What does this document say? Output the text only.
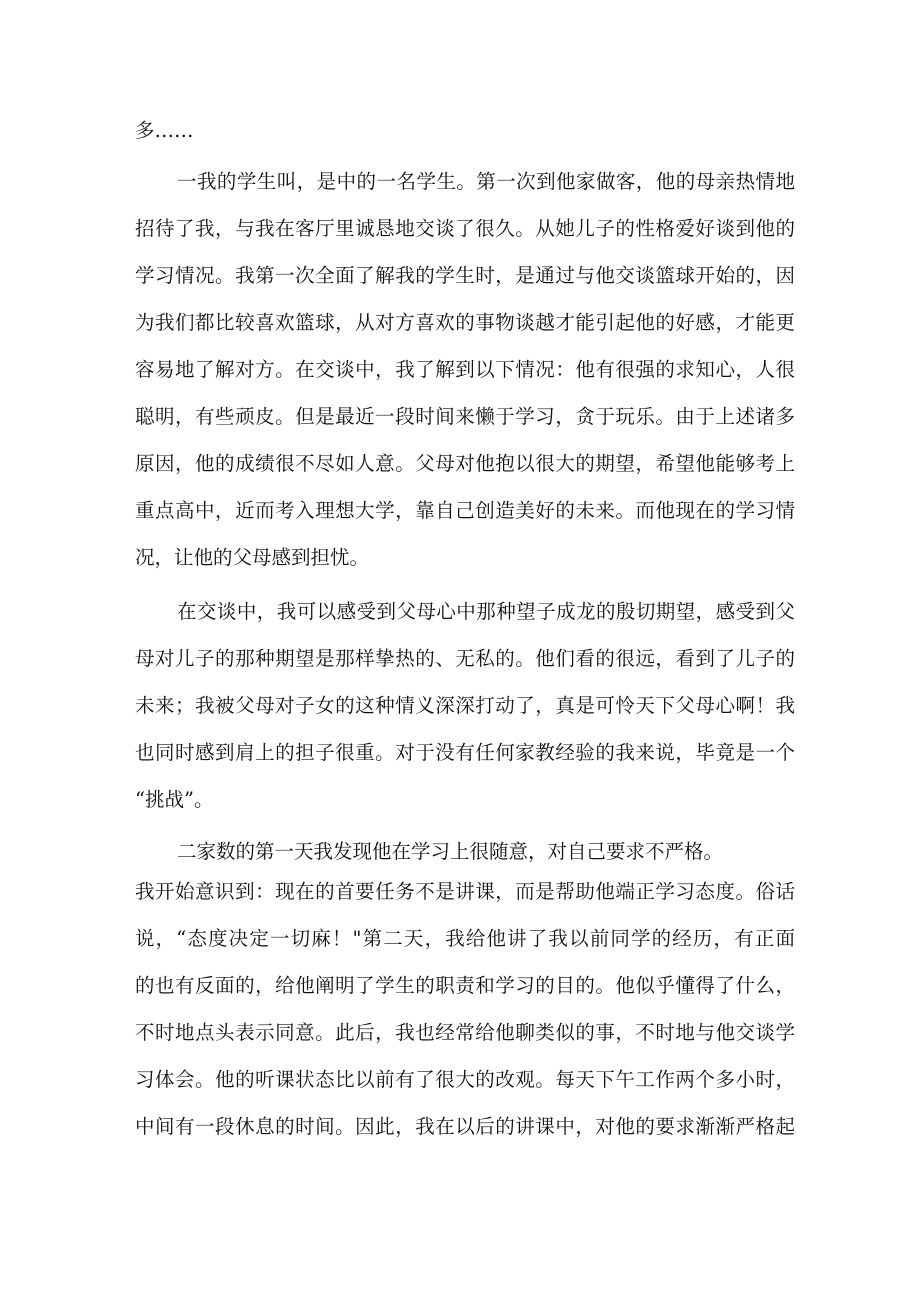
多……
一我的学生叫，是中的一名学生。第一次到他家做客，他的母亲热情地
招待了我，与我在客厅里诚恳地交谈了很久。从她儿子的性格爱好谈到他的
学习情况。我第一次全面了解我的学生时，是通过与他交谈篮球开始的，因
为我们都比较喜欢篮球，从对方喜欢的事物谈越才能引起他的好感，才能更
容易地了解对方。在交谈中，我了解到以下情况：他有很强的求知心，人很
聪明，有些顽皮。但是最近一段时间来懒于学习，贪于玩乐。由于上述诸多
原因，他的成绩很不尽如人意。父母对他抱以很大的期望，希望他能够考上
重点高中，近而考入理想大学，靠自己创造美好的未来。而他现在的学习情
况，让他的父母感到担忧。
在交谈中，我可以感受到父母心中那种望子成龙的殷切期望，感受到父
母对儿子的那种期望是那样挚热的、无私的。他们看的很远，看到了儿子的
未来；我被父母对子女的这种情义深深打动了，真是可怜天下父母心啊！我
也同时感到肩上的担子很重。对于没有任何家教经验的我来说，毕竟是一个
“挑战”。
二家数的第一天我发现他在学习上很随意，对自己要求不严格。
我开始意识到：现在的首要任务不是讲课，而是帮助他端正学习态度。俗话
说，“态度决定一切麻！"第二天，我给他讲了我以前同学的经历，有正面
的也有反面的，给他阐明了学生的职责和学习的目的。他似乎懂得了什么，
不时地点头表示同意。此后，我也经常给他聊类似的事，不时地与他交谈学
习体会。他的听课状态比以前有了很大的改观。每天下午工作两个多小时，
中间有一段休息的时间。因此，我在以后的讲课中，对他的要求渐渐严格起
